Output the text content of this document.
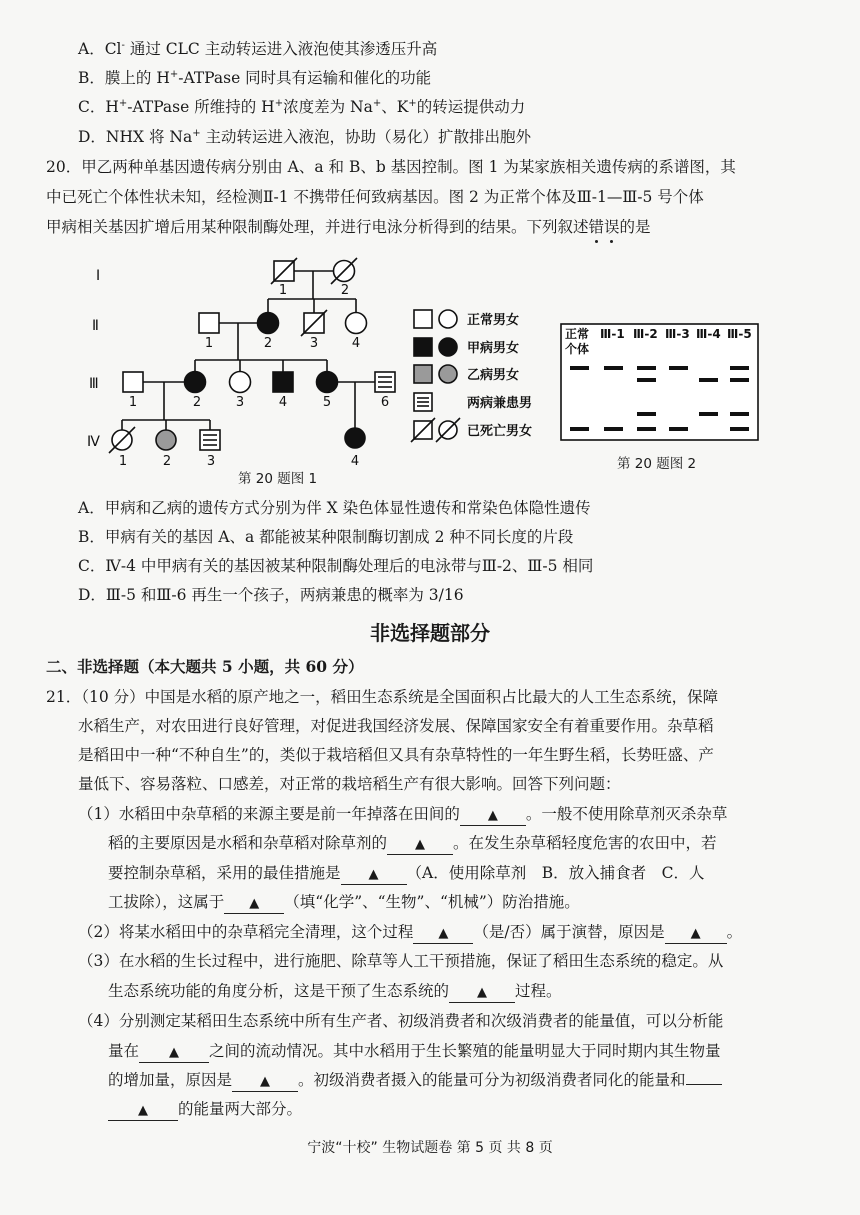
A．Cl- 通过 CLC 主动转运进入液泡使其渗透压升高
B．膜上的 H+-ATPase 同时具有运输和催化的功能
C．H+-ATPase 所维持的 H+浓度差为 Na+、K+的转运提供动力
D．NHX 将 Na+ 主动转运进入液泡，协助（易化）扩散排出胞外
20．甲乙两种单基因遗传病分别由 A、a 和 B、b 基因控制。图 1 为某家族相关遗传病的系谱图，其
中已死亡个体性状未知，经检测Ⅱ-1 不携带任何致病基因。图 2 为正常个体及Ⅲ-1—Ⅲ-5 号个体
甲病相关基因扩增后用某种限制酶处理，并进行电泳分析得到的结果。下列叙述错误的是
Ⅰ
Ⅱ
Ⅲ
Ⅳ
1	2
1	2	3	4
1	2	3	4	5	6
1	2	3	4
正常男女
甲病男女
乙病男女
两病兼患男
已死亡男女
正常
个体
Ⅲ-1 Ⅲ-2 Ⅲ-3 Ⅲ-4 Ⅲ-5
第 20 题图 1
第 20 题图 2
A．甲病和乙病的遗传方式分别为伴 X 染色体显性遗传和常染色体隐性遗传
B．甲病有关的基因 A、a 都能被某种限制酶切割成 2 种不同长度的片段
C．Ⅳ-4 中甲病有关的基因被某种限制酶处理后的电泳带与Ⅲ-2、Ⅲ-5 相同
D．Ⅲ-5 和Ⅲ-6 再生一个孩子，两病兼患的概率为 3/16
非选择题部分
二、非选择题（本大题共 5 小题，共 60 分）
21．（10 分）中国是水稻的原产地之一，稻田生态系统是全国面积占比最大的人工生态系统，保障
水稻生产，对农田进行良好管理，对促进我国经济发展、保障国家安全有着重要作用。杂草稻
是稻田中一种“不种自生”的，类似于栽培稻但又具有杂草特性的一年生野生稻，长势旺盛、产
量低下、容易落粒、口感差，对正常的栽培稻生产有很大影响。回答下列问题：
（1）水稻田中杂草稻的来源主要是前一年掉落在田间的 ▲ 。一般不使用除草剂灭杀杂草
稻的主要原因是水稻和杂草稻对除草剂的 ▲ 。在发生杂草稻轻度危害的农田中，若
要控制杂草稻，采用的最佳措施是 ▲ （A．使用除草剂　B．放入捕食者　C．人
工拔除），这属于 ▲ （填“化学”、“生物”、“机械”）防治措施。
（2）将某水稻田中的杂草稻完全清理，这个过程 ▲ （是/否）属于演替，原因是 ▲ 。
（3）在水稻的生长过程中，进行施肥、除草等人工干预措施，保证了稻田生态系统的稳定。从
生态系统功能的角度分析，这是干预了生态系统的 ▲ 过程。
（4）分别测定某稻田生态系统中所有生产者、初级消费者和次级消费者的能量值，可以分析能
量在 ▲ 之间的流动情况。其中水稻用于生长繁殖的能量明显大于同时期内其生物量
的增加量，原因是 ▲ 。初级消费者摄入的能量可分为初级消费者同化的能量和
▲ 的能量两大部分。
宁波“十校” 生物试题卷 第 5 页 共 8 页
